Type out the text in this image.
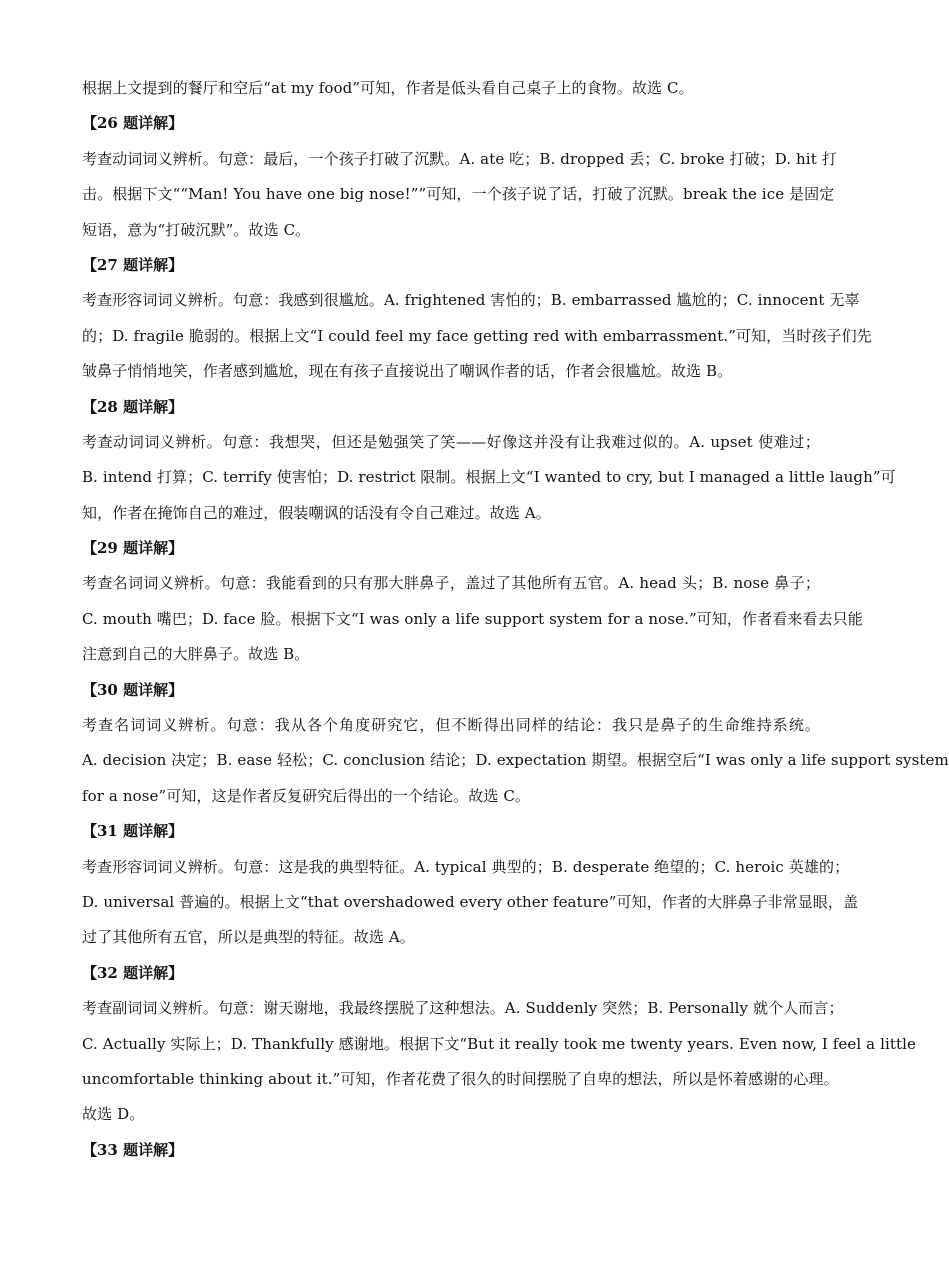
根据上文提到的餐厅和空后“at my food”可知，作者是低头看自己桌子上的食物。故选 C。
【26 题详解】
考查动词词义辨析。句意：最后，一个孩子打破了沉默。A. ate 吃；B. dropped 丢；C. broke 打破；D. hit 打
击。根据下文““Man! You have one big nose!””可知，一个孩子说了话，打破了沉默。break the ice 是固定
短语，意为“打破沉默”。故选 C。
【27 题详解】
考查形容词词义辨析。句意：我感到很尴尬。A. frightened 害怕的；B. embarrassed 尴尬的；C. innocent 无辜
的；D. fragile 脆弱的。根据上文“I could feel my face getting red with embarrassment.”可知，当时孩子们先
皱鼻子悄悄地笑，作者感到尴尬，现在有孩子直接说出了嘲讽作者的话，作者会很尴尬。故选 B。
【28 题详解】
考查动词词义辨析。句意：我想哭，但还是勉强笑了笑——好像这并没有让我难过似的。A. upset 使难过；
B. intend 打算；C. terrify 使害怕；D. restrict 限制。根据上文“I wanted to cry, but I managed a little laugh”可
知，作者在掩饰自己的难过，假装嘲讽的话没有令自己难过。故选 A。
【29 题详解】
考查名词词义辨析。句意：我能看到的只有那大胖鼻子，盖过了其他所有五官。A. head 头；B. nose 鼻子；
C. mouth 嘴巴；D. face 脸。根据下文“I was only a life support system for a nose.”可知，作者看来看去只能
注意到自己的大胖鼻子。故选 B。
【30 题详解】
考查名词词义辨析。句意：我从各个角度研究它，但不断得出同样的结论：我只是鼻子的生命维持系统。
A. decision 决定；B. ease 轻松；C. conclusion 结论；D. expectation 期望。根据空后“I was only a life support system
for a nose”可知，这是作者反复研究后得出的一个结论。故选 C。
【31 题详解】
考查形容词词义辨析。句意：这是我的典型特征。A. typical 典型的；B. desperate 绝望的；C. heroic 英雄的；
D. universal 普遍的。根据上文“that overshadowed every other feature”可知，作者的大胖鼻子非常显眼，盖
过了其他所有五官，所以是典型的特征。故选 A。
【32 题详解】
考查副词词义辨析。句意：谢天谢地，我最终摆脱了这种想法。A. Suddenly 突然；B. Personally 就个人而言；
C. Actually 实际上；D. Thankfully 感谢地。根据下文“But it really took me twenty years. Even now, I feel a little
uncomfortable thinking about it.”可知，作者花费了很久的时间摆脱了自卑的想法，所以是怀着感谢的心理。
故选 D。
【33 题详解】
